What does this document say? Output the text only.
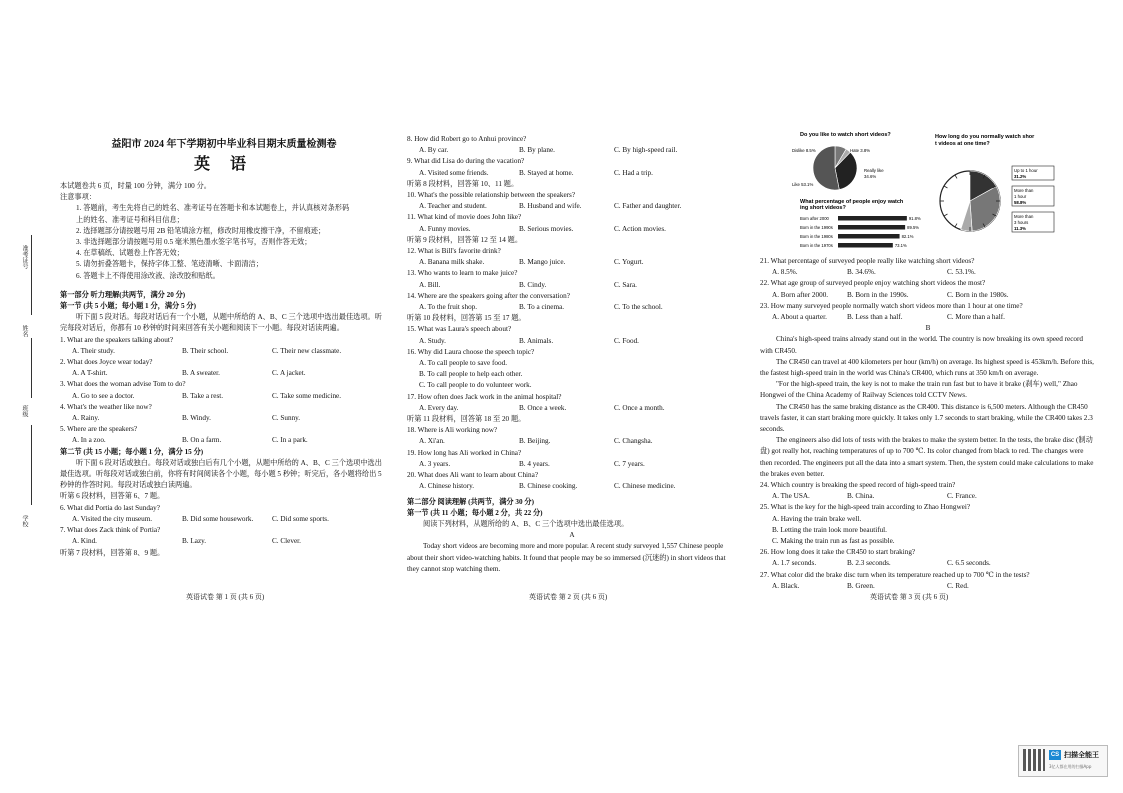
准考证号
姓名
班级
学校
益阳市 2024 年下学期初中毕业科目期末质量检测卷
英 语
本试题卷共 6 页，时量 100 分钟，满分 100 分。
注意事项：
1. 答题前，考生先将自己的姓名、准考证号在答题卡和本试题卷上，并认真核对条形码
上的姓名、准考证号和科目信息；
2. 选择题部分请按题号用 2B 铅笔填涂方框，修改时用橡皮擦干净，不留痕迹；
3. 非选择题部分请按题号用 0.5 毫米黑色墨水签字笔书写，否则作答无效；
4. 在草稿纸、试题卷上作答无效；
5. 请勿折叠答题卡，保持字体工整、笔迹清晰、卡面清洁；
6. 答题卡上不得使用涂改液、涂改胶和贴纸。
第一部分 听力理解(共两节，满分 20 分)
第一节 (共 5 小题；每小题 1 分，满分 5 分)
听下面 5 段对话。每段对话后有一个小题，从题中所给的 A、B、C 三个选项中选出最佳选项。听完每段对话后，你都有 10 秒钟的时间来回答有关小题和阅读下一小题。每段对话读两遍。
1. What are the speakers talking about?
A. Their study.	B. Their school.	C. Their new classmate.
2. What does Joyce wear today?
A. A T-shirt.	B. A sweater.	C. A jacket.
3. What does the woman advise Tom to do?
A. Go to see a doctor.	B. Take a rest.	C. Take some medicine.
4. What's the weather like now?
A. Rainy.	B. Windy.	C. Sunny.
5. Where are the speakers?
A. In a zoo.	B. On a farm.	C. In a park.
第二节 (共 15 小题；每小题 1 分，满分 15 分)
听下面 6 段对话或独白。每段对话或独白后有几个小题，从题中所给的 A、B、C 三个选项中选出最佳选项。听每段对话或独白前，你将有时间阅读各个小题，每小题 5 秒钟；听完后，各小题将给出 5 秒钟的作答时间。每段对话或独白读两遍。
听第 6 段材料，回答第 6、7 题。
6. What did Portia do last Sunday?
A. Visited the city museum.	B. Did some housework.	C. Did some sports.
7. What does Zack think of Portia?
A. Kind.	B. Lazy.	C. Clever.
听第 7 段材料，回答第 8、9 题。
英语试卷 第 1 页 (共 6 页)
8. How did Robert go to Anhui province?
A. By car.	B. By plane.	C. By high-speed rail.
9. What did Lisa do during the vacation?
A. Visited some friends.	B. Stayed at home.	C. Had a trip.
听第 8 段材料，回答第 10、11 题。
10. What's the possible relationship between the speakers?
A. Teacher and student.	B. Husband and wife.	C. Father and daughter.
11. What kind of movie does John like?
A. Funny movies.	B. Serious movies.	C. Action movies.
听第 9 段材料，回答第 12 至 14 题。
12. What is Bill's favorite drink?
A. Banana milk shake.	B. Mango juice.	C. Yogurt.
13. Who wants to learn to make juice?
A. Bill.	B. Cindy.	C. Sara.
14. Where are the speakers going after the conversation?
A. To the fruit shop.	B. To a cinema.	C. To the school.
听第 10 段材料，回答第 15 至 17 题。
15. What was Laura's speech about?
A. Study.	B. Animals.	C. Food.
16. Why did Laura choose the speech topic?
A. To call people to save food.
B. To call people to help each other.
C. To call people to do volunteer work.
17. How often does Jack work in the animal hospital?
A. Every day.	B. Once a week.	C. Once a month.
听第 11 段材料，回答第 18 至 20 题。
18. Where is Ali working now?
A. Xi'an.	B. Beijing.	C. Changsha.
19. How long has Ali worked in China?
A. 3 years.	B. 4 years.	C. 7 years.
20. What does Ali want to learn about China?
A. Chinese history.	B. Chinese cooking.	C. Chinese medicine.
第二部分 阅读理解 (共两节，满分 30 分)
第一节 (共 11 小题；每小题 2 分，共 22 分)
阅读下列材料，从题所给的 A、B、C 三个选项中选出最佳选项。
A
Today short videos are becoming more and more popular. A recent study surveyed 1,557 Chinese people about their short video-watching habits. It found that people may be so immersed (沉迷的) in short videos that they cannot stop watching them.
英语试卷 第 2 页 (共 6 页)
Do you like to watch short videos?
Dislike 8.5%	Hate 3.8%
Really like
34.6%
Like 53.1%
What percentage of people enjoy watch
ing short videos?
Born after 2000	91.8%
Born in the 1990s	89.5%
Born in the 1980s	82.1%
Born in the 1970s	73.1%
How long do you normally watch shor
t videos at one time?
Up to 1 hour
31.2%
More than
1 hour
58.8%
More than
3 hours
11.3%
21. What percentage of surveyed people really like watching short videos?
A. 8.5%.	B. 34.6%.	C. 53.1%.
22. What age group of surveyed people enjoy watching short videos the most?
A. Born after 2000.	B. Born in the 1990s.	C. Born in the 1980s.
23. How many surveyed people normally watch short videos more than 1 hour at one time?
A. About a quarter.	B. Less than a half.	C. More than a half.
B
China's high-speed trains already stand out in the world. The country is now breaking its own speed record with CR450.
The CR450 can travel at 400 kilometers per hour (km/h) on average. Its highest speed is 453km/h. Before this, the fastest high-speed train in the world was China's CR400, which runs at 350 km/h on average.
"For the high-speed train, the key is not to make the train run fast but to have it brake (刹车) well," Zhao Hongwei of the China Academy of Railway Sciences told CCTV News.
The CR450 has the same braking distance as the CR400. This distance is 6,500 meters. Although the CR450 travels faster, it can start braking more quickly. It takes only 1.7 seconds to start braking, while the CR400 takes 2.3 seconds.
The engineers also did lots of tests with the brakes to make the system better. In the tests, the brake disc (制动盘) got really hot, reaching temperatures of up to 700 ℃. Its color changed from black to red. The changes were then recorded. The engineers put all the data into a smart system. Then, the system could make calculations to make the brakes even better.
24. Which country is breaking the speed record of high-speed train?
A. The USA.	B. China.	C. France.
25. What is the key for the high-speed train according to Zhao Hongwei?
A. Having the train brake well.
B. Letting the train look more beautiful.
C. Making the train run as fast as possible.
26. How long does it take the CR450 to start braking?
A. 1.7 seconds.	B. 2.3 seconds.	C. 6.5 seconds.
27. What color did the brake disc turn when its temperature reached up to 700 ℃ in the tests?
A. Black.	B. Green.	C. Red.
英语试卷 第 3 页 (共 6 页)
CS 扫描全能王
3亿人都在用的扫描App
